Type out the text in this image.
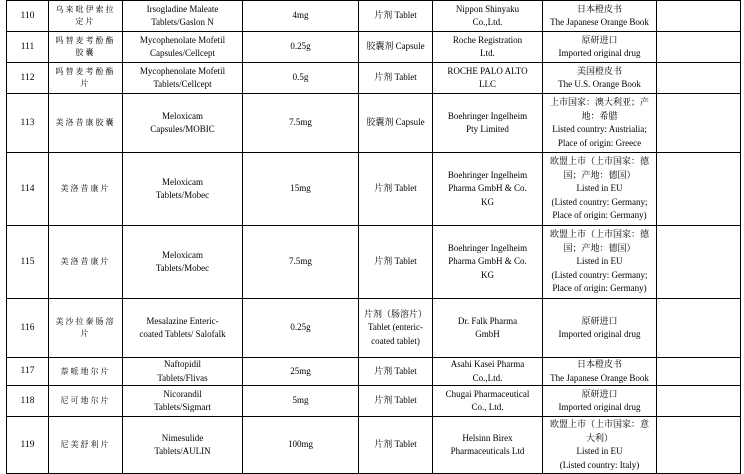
110	乌来吡伊索拉
定片	Irsogladine Maleate
Tablets/Gaslon N	4mg	片剂 Tablet	Nippon Shinyaku
Co.,Ltd.	日本橙皮书
The Japanese Orange Book	

111	吗替麦考酚酯
胶囊	Mycophenolate Mofetil
Capsules/Cellcept	0.25g	胶囊剂 Capsule	Roche Registration
Ltd.	原研进口
Imported original drug	

112	吗替麦考酚酯
片	Mycophenolate Mofetil
Tablets/Cellcept	0.5g	片剂 Tablet	ROCHE PALO ALTO
LLC	美国橙皮书
The U.S. Orange Book	

113	美洛昔康胶囊	Meloxicam
Capsules/MOBIC	7.5mg	胶囊剂 Capsule	Boehringer Ingelheim
Pty Limited	上市国家：澳大利亚；产
地：希腊
Listed country: Austrialia;
Place of origin: Greece	

114	美洛昔康片	Meloxicam
Tablets/Mobec	15mg	片剂 Tablet	Boehringer Ingelheim
Pharma GmbH & Co.
KG	欧盟上市（上市国家：德
国；产地：德国）
Listed in EU
(Listed country: Germany;
Place of origin: Germany)	

115	美洛昔康片	Meloxicam
Tablets/Mobec	7.5mg	片剂 Tablet	Boehringer Ingelheim
Pharma GmbH & Co.
KG	欧盟上市（上市国家：德
国；产地：德国）
Listed in EU
(Listed country: Germany;
Place of origin: Germany)	

116	美沙拉秦肠溶
片	Mesalazine Enteric-
coated Tablets/ Salofalk	0.25g	片剂（肠溶片）
Tablet (enteric-
coated tablet)	Dr. Falk Pharma
GmbH	原研进口
Imported original drug	

117	萘哌地尔片	Naftopidil
Tablets/Flivas	25mg	片剂 Tablet	Asahi Kasei Pharma
Co.,Ltd.	日本橙皮书
The Japanese Orange Book	

118	尼可地尔片	Nicorandil
Tablets/Sigmart	5mg	片剂 Tablet	Chugai Pharmaceutical
Co., Ltd.	原研进口
Imported original drug	

119	尼美舒利片	Nimesulide
Tablets/AULIN	100mg	片剂 Tablet	Helsinn Birex
Pharmaceuticals Ltd	欧盟上市（上市国家：意
大利）
Listed in EU
(Listed country: Italy)	
